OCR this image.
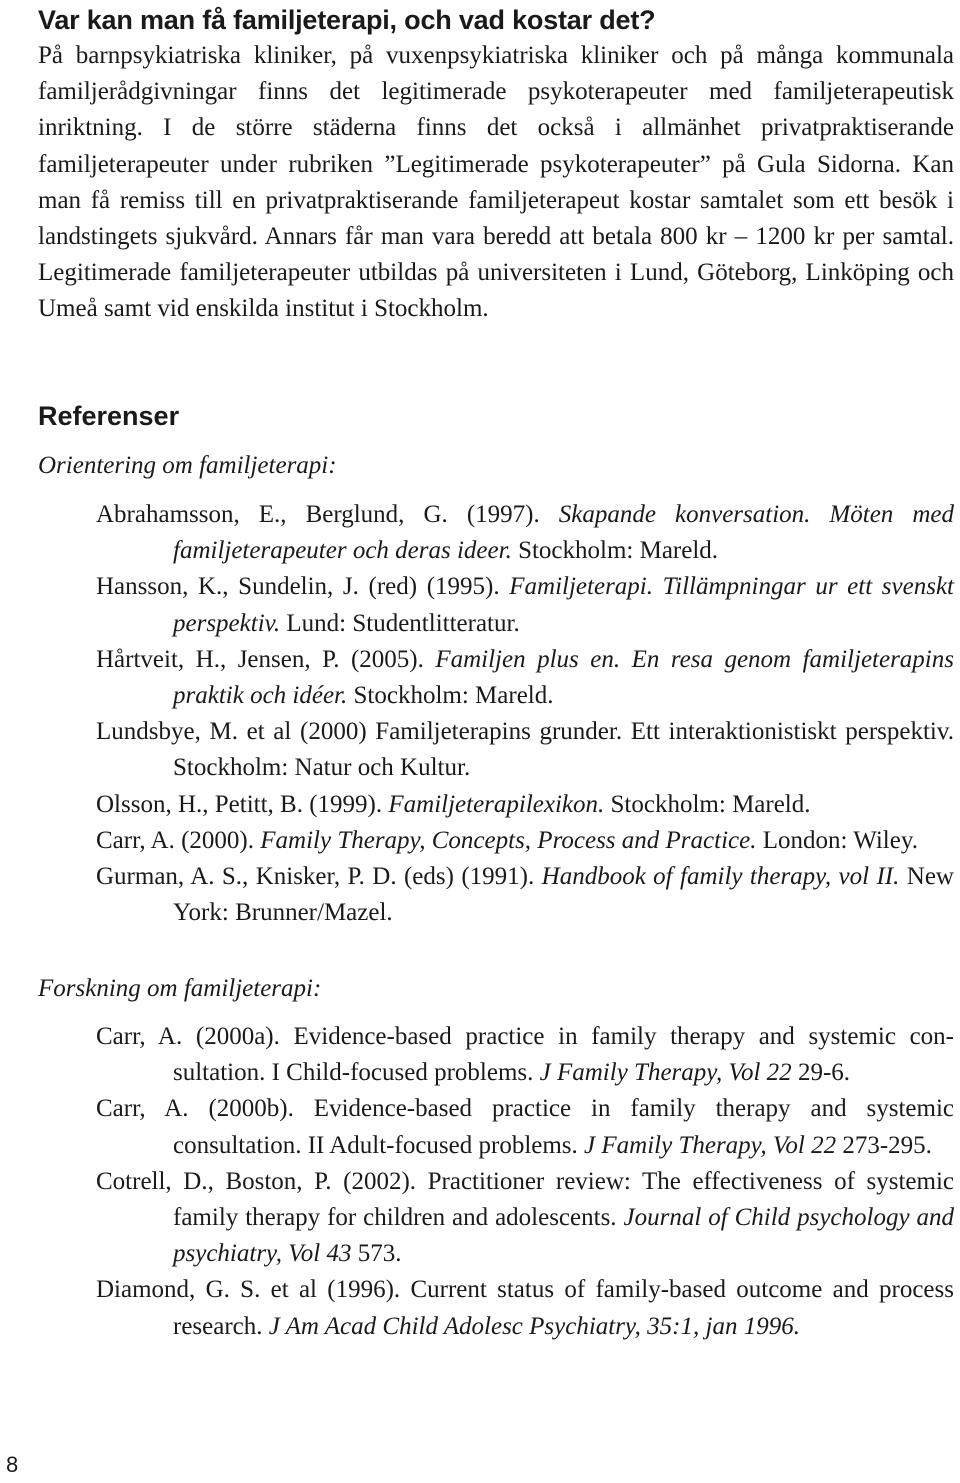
Var kan man få familjeterapi, och vad kostar det?

På barnpsykiatriska kliniker, på vuxenpsykiatriska kliniker och på många kommunala familjerådgivningar finns det legitimerade psykoterapeuter med familjeterapeutisk inriktning. I de större städerna finns det också i allmänhet privatpraktiserande familjeterapeuter under rubriken ”Legitimerade psykoterapeuter” på Gula Sidorna. Kan man få remiss till en privatpraktiserande familjeterapeut kostar samtalet som ett besök i landstingets sjukvård. Annars får man vara beredd att betala 800 kr – 1200 kr per samtal. Legitimerade familjeterapeuter utbildas på universiteten i Lund, Göteborg, Linköping och Umeå samt vid enskilda institut i Stockholm.

Referenser
Orientering om familjeterapi:
Abrahamsson, E., Berglund, G. (1997). Skapande konversation. Möten med familjeterapeuter och deras ideer. Stockholm: Mareld.
Hansson, K., Sundelin, J. (red) (1995). Familjeterapi. Tillämpningar ur ett svenskt perspektiv. Lund: Studentlitteratur.
Hårtveit, H., Jensen, P. (2005). Familjen plus en. En resa genom familjeterapins praktik och idéer. Stockholm: Mareld.
Lundsbye, M. et al (2000) Familjeterapins grunder. Ett interaktionistiskt perspektiv. Stockholm: Natur och Kultur.
Olsson, H., Petitt, B. (1999). Familjeterapilexikon. Stockholm: Mareld.
Carr, A. (2000). Family Therapy, Concepts, Process and Practice. London: Wiley.
Gurman, A. S., Knisker, P. D. (eds) (1991). Handbook of family therapy, vol II. New York: Brunner/Mazel.
Forskning om familjeterapi:
Carr, A. (2000a). Evidence-based practice in family therapy and systemic consultation. I Child-focused problems. J Family Therapy, Vol 22 29-6.
Carr, A. (2000b). Evidence-based practice in family therapy and systemic consultation. II Adult-focused problems. J Family Therapy, Vol 22 273-295.
Cotrell, D., Boston, P. (2002). Practitioner review: The effectiveness of systemic family therapy for children and adolescents. Journal of Child psychology and psychiatry, Vol 43 573.
Diamond, G. S. et al (1996). Current status of family-based outcome and process research. J Am Acad Child Adolesc Psychiatry, 35:1, jan 1996.
8
